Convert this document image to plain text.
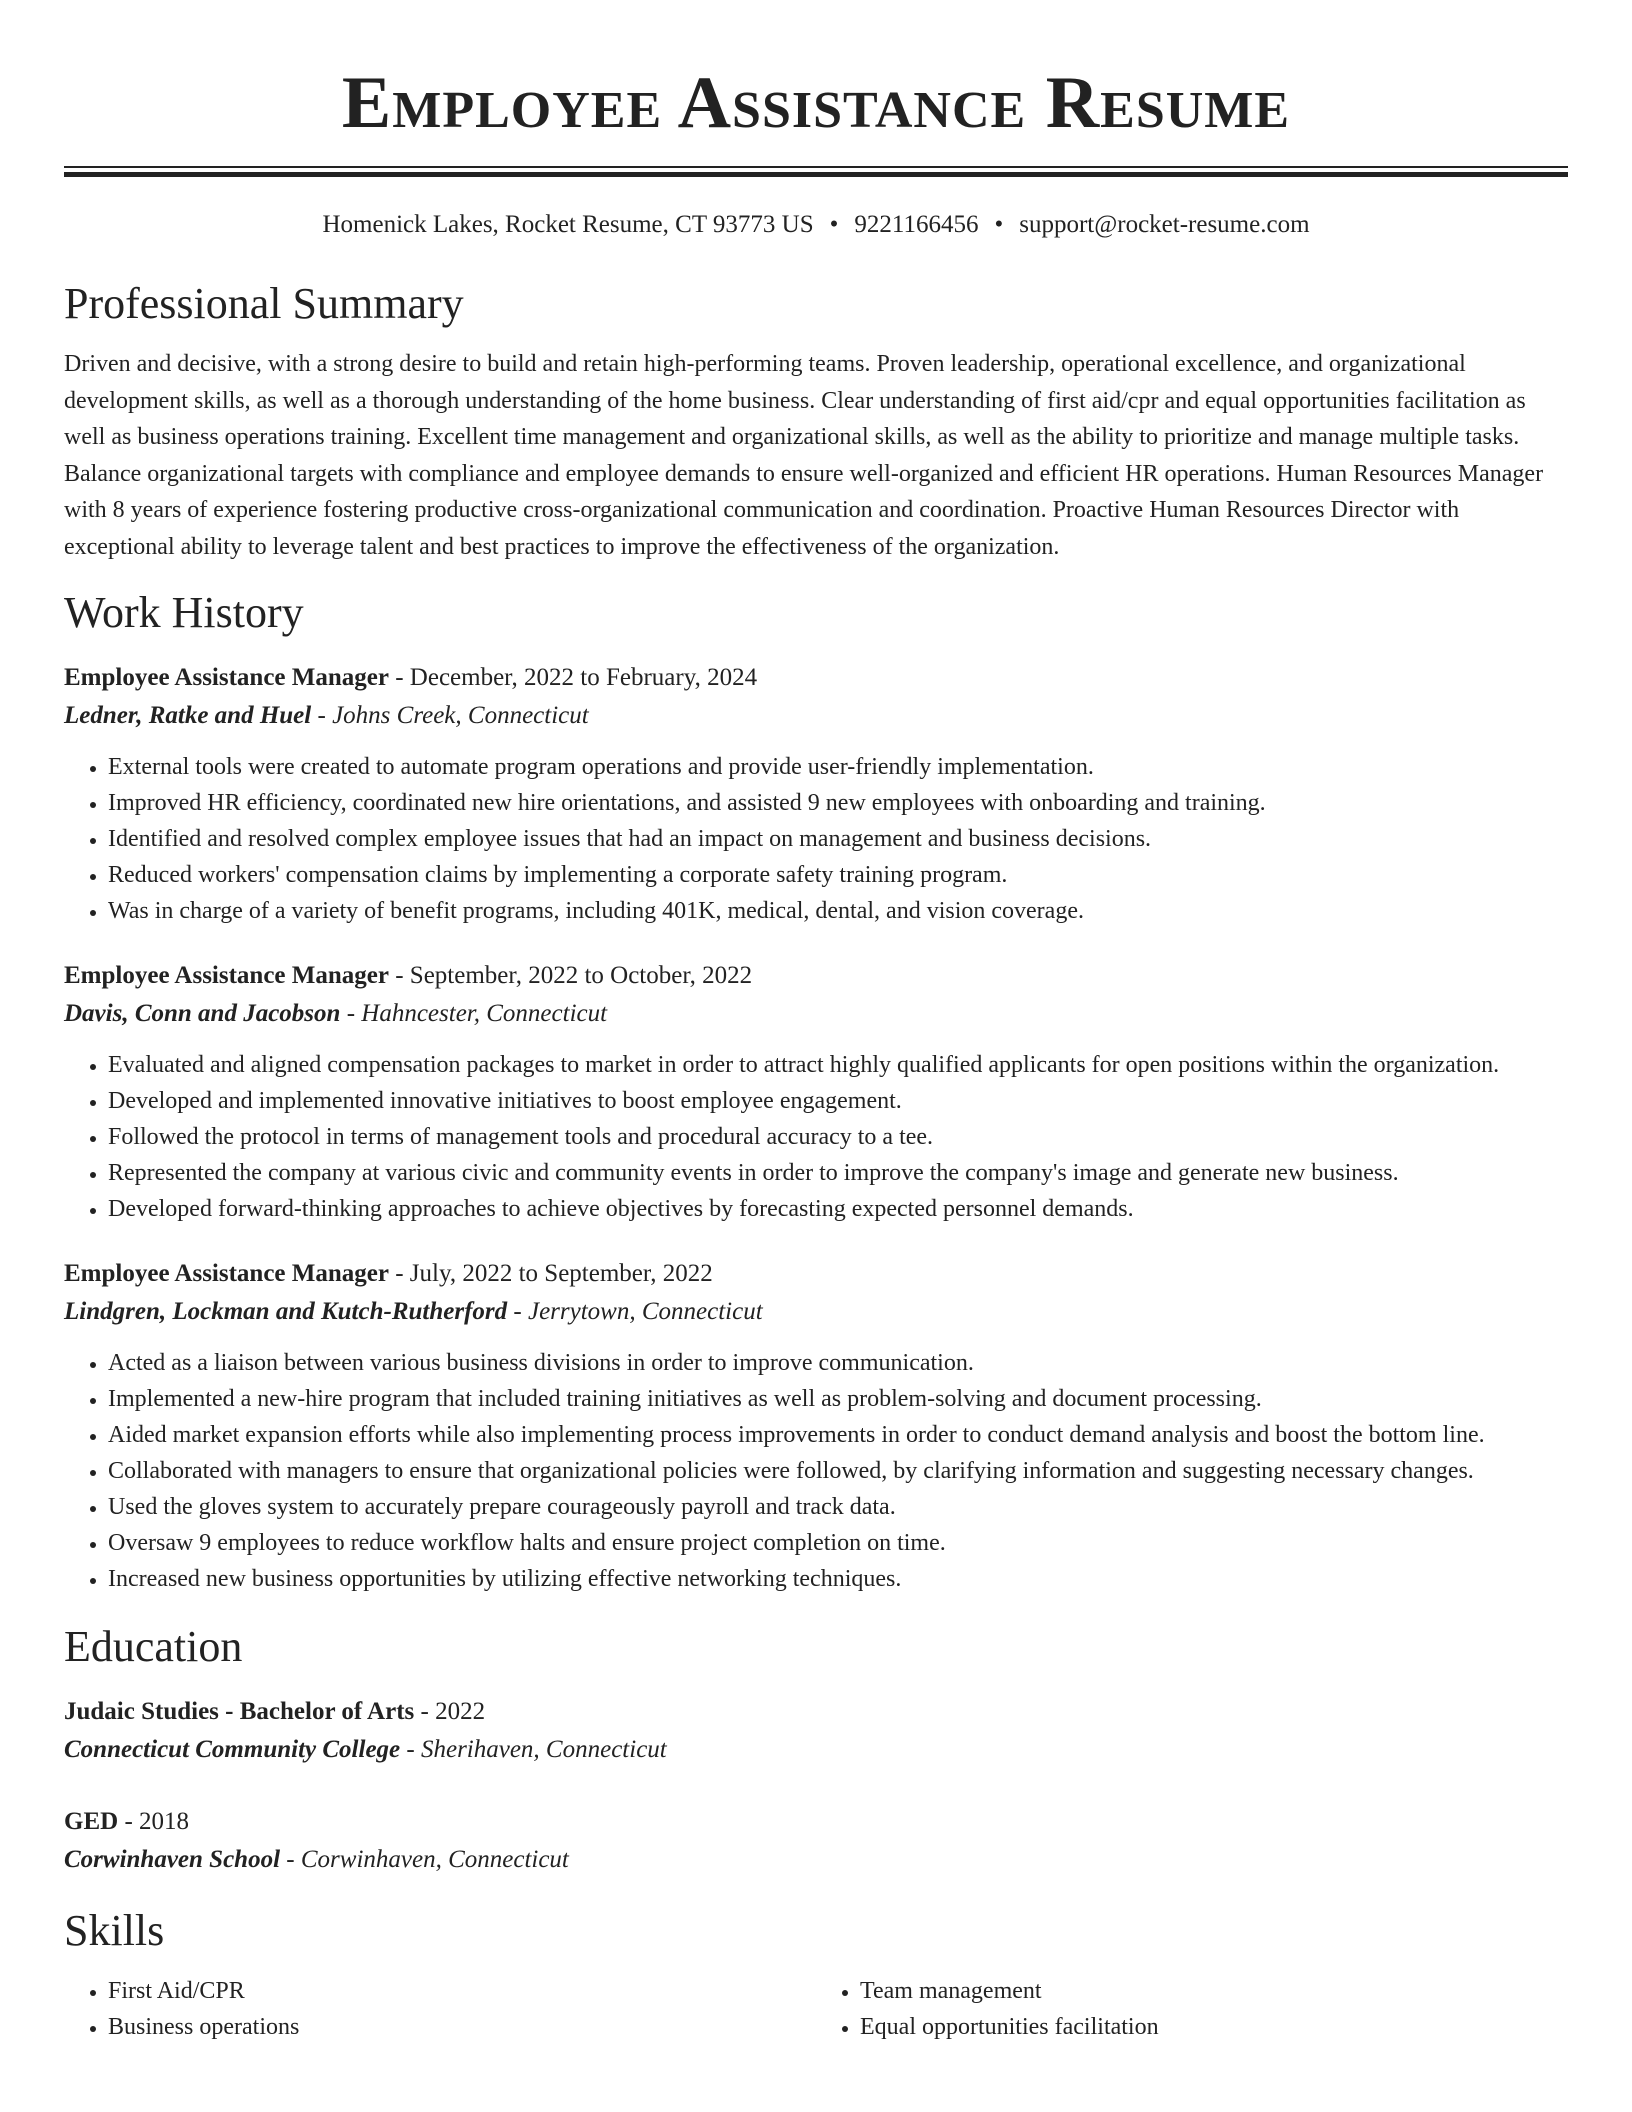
Employee Assistance Resume
Homenick Lakes, Rocket Resume, CT 93773 US • 9221166456 • support@rocket-resume.com
Professional Summary

Driven and decisive, with a strong desire to build and retain high-performing teams. Proven leadership, operational excellence, and organizational development skills, as well as a thorough understanding of the home business. Clear understanding of first aid/cpr and equal opportunities facilitation as well as business operations training. Excellent time management and organizational skills, as well as the ability to prioritize and manage multiple tasks. Balance organizational targets with compliance and employee demands to ensure well-organized and efficient HR operations. Human Resources Manager with 8 years of experience fostering productive cross-organizational communication and coordination. Proactive Human Resources Director with exceptional ability to leverage talent and best practices to improve the effectiveness of the organization.

Work History
Employee Assistance Manager - December, 2022 to February, 2024
Ledner, Ratke and Huel - Johns Creek, Connecticut
• External tools were created to automate program operations and provide user-friendly implementation.
• Improved HR efficiency, coordinated new hire orientations, and assisted 9 new employees with onboarding and training.
• Identified and resolved complex employee issues that had an impact on management and business decisions.
• Reduced workers' compensation claims by implementing a corporate safety training program.
• Was in charge of a variety of benefit programs, including 401K, medical, dental, and vision coverage.
Employee Assistance Manager - September, 2022 to October, 2022
Davis, Conn and Jacobson - Hahncester, Connecticut
• Evaluated and aligned compensation packages to market in order to attract highly qualified applicants for open positions within the organization.
• Developed and implemented innovative initiatives to boost employee engagement.
• Followed the protocol in terms of management tools and procedural accuracy to a tee.
• Represented the company at various civic and community events in order to improve the company's image and generate new business.
• Developed forward-thinking approaches to achieve objectives by forecasting expected personnel demands.
Employee Assistance Manager - July, 2022 to September, 2022
Lindgren, Lockman and Kutch-Rutherford - Jerrytown, Connecticut
• Acted as a liaison between various business divisions in order to improve communication.
• Implemented a new-hire program that included training initiatives as well as problem-solving and document processing.
• Aided market expansion efforts while also implementing process improvements in order to conduct demand analysis and boost the bottom line.
• Collaborated with managers to ensure that organizational policies were followed, by clarifying information and suggesting necessary changes.
• Used the gloves system to accurately prepare courageously payroll and track data.
• Oversaw 9 employees to reduce workflow halts and ensure project completion on time.
• Increased new business opportunities by utilizing effective networking techniques.
Education
Judaic Studies - Bachelor of Arts - 2022
Connecticut Community College - Sherihaven, Connecticut
GED - 2018
Corwinhaven School - Corwinhaven, Connecticut
Skills
• First Aid/CPR
• Business operations
• Team management
• Equal opportunities facilitation
